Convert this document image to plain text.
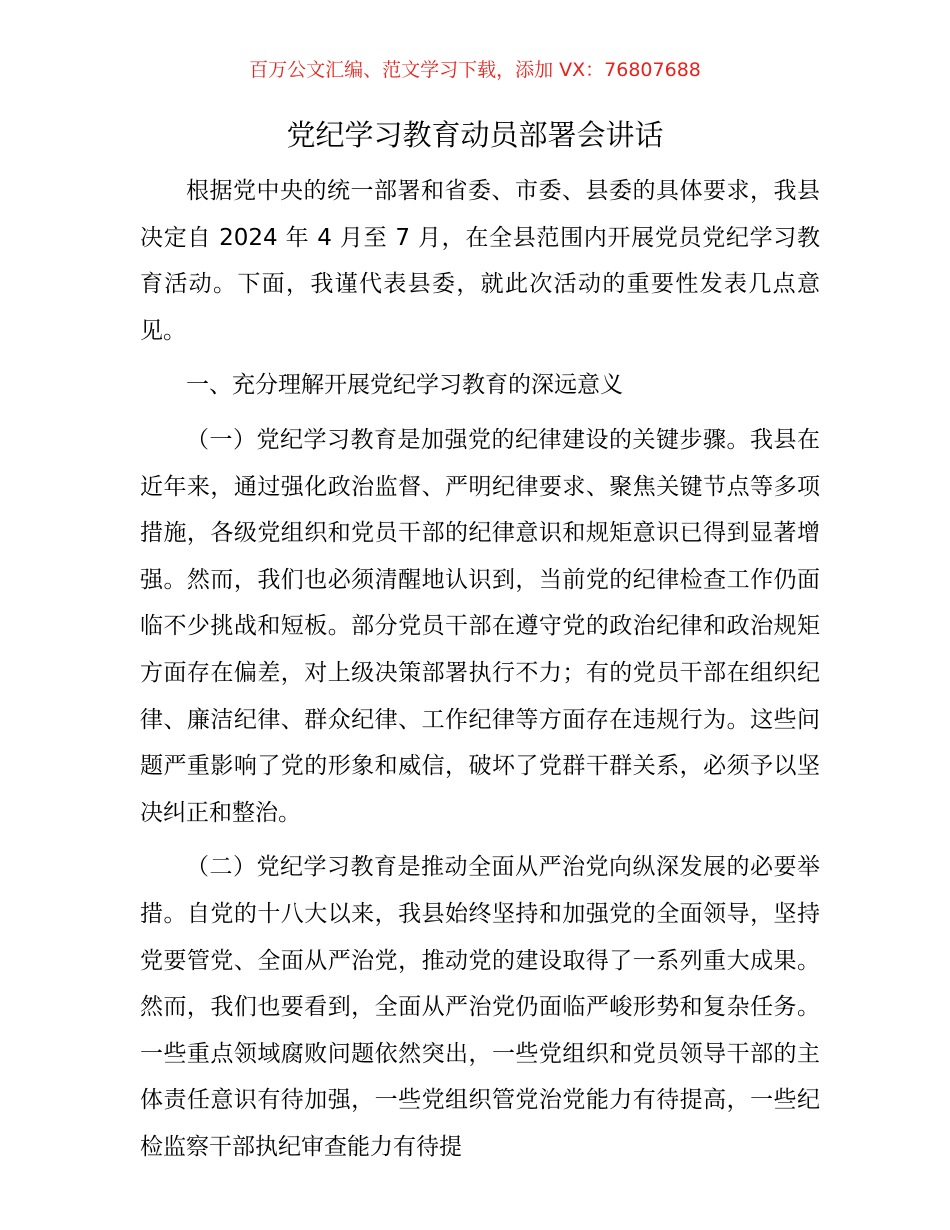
百万公文汇编、范文学习下载，添加 VX：76807688
党纪学习教育动员部署会讲话

根据党中央的统一部署和省委、市委、县委的具体要求，我县决定自 2024 年 4 月至 7 月，在全县范围内开展党员党纪学习教育活动。下面，我谨代表县委，就此次活动的重要性发表几点意见。

一、充分理解开展党纪学习教育的深远意义

（一）党纪学习教育是加强党的纪律建设的关键步骤。我县在近年来，通过强化政治监督、严明纪律要求、聚焦关键节点等多项措施，各级党组织和党员干部的纪律意识和规矩意识已得到显著增强。然而，我们也必须清醒地认识到，当前党的纪律检查工作仍面临不少挑战和短板。部分党员干部在遵守党的政治纪律和政治规矩方面存在偏差，对上级决策部署执行不力；有的党员干部在组织纪律、廉洁纪律、群众纪律、工作纪律等方面存在违规行为。这些问题严重影响了党的形象和威信，破坏了党群干群关系，必须予以坚决纠正和整治。

（二）党纪学习教育是推动全面从严治党向纵深发展的必要举措。自党的十八大以来，我县始终坚持和加强党的全面领导，坚持党要管党、全面从严治党，推动党的建设取得了一系列重大成果。然而，我们也要看到，全面从严治党仍面临严峻形势和复杂任务。一些重点领域腐败问题依然突出，一些党组织和党员领导干部的主体责任意识有待加强，一些党组织管党治党能力有待提高，一些纪检监察干部执纪审查能力有待提
